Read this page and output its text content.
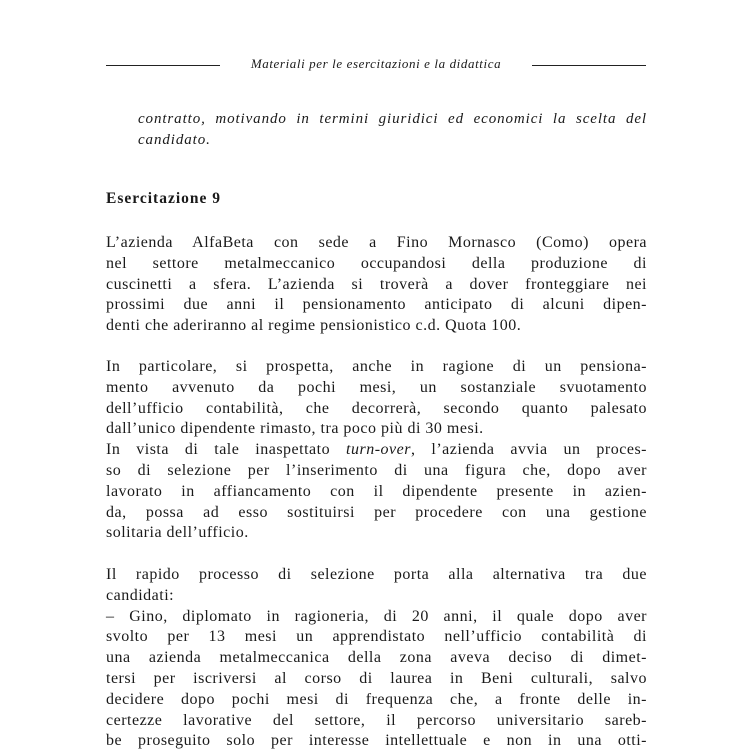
Materiali per le esercitazioni e la didattica
contratto, motivando in termini giuridici ed economici la scelta del
candidato.
Esercitazione 9
L’azienda AlfaBeta con sede a Fino Mornasco (Como) opera
nel settore metalmeccanico occupandosi della produzione di
cuscinetti a sfera. L’azienda si troverà a dover fronteggiare nei
prossimi due anni il pensionamento anticipato di alcuni dipen-
denti che aderiranno al regime pensionistico c.d. Quota 100.
In particolare, si prospetta, anche in ragione di un pensiona-
mento avvenuto da pochi mesi, un sostanziale svuotamento
dell’ufficio contabilità, che decorrerà, secondo quanto palesato
dall’unico dipendente rimasto, tra poco più di 30 mesi.
In vista di tale inaspettato turn-over, l’azienda avvia un proces-
so di selezione per l’inserimento di una figura che, dopo aver
lavorato in affiancamento con il dipendente presente in azien-
da, possa ad esso sostituirsi per procedere con una gestione
solitaria dell’ufficio.
Il rapido processo di selezione porta alla alternativa tra due
candidati:
– Gino, diplomato in ragioneria, di 20 anni, il quale dopo aver
svolto per 13 mesi un apprendistato nell’ufficio contabilità di
una azienda metalmeccanica della zona aveva deciso di dimet-
tersi per iscriversi al corso di laurea in Beni culturali, salvo
decidere dopo pochi mesi di frequenza che, a fronte delle in-
certezze lavorative del settore, il percorso universitario sareb-
be proseguito solo per interesse intellettuale e non in una otti-
